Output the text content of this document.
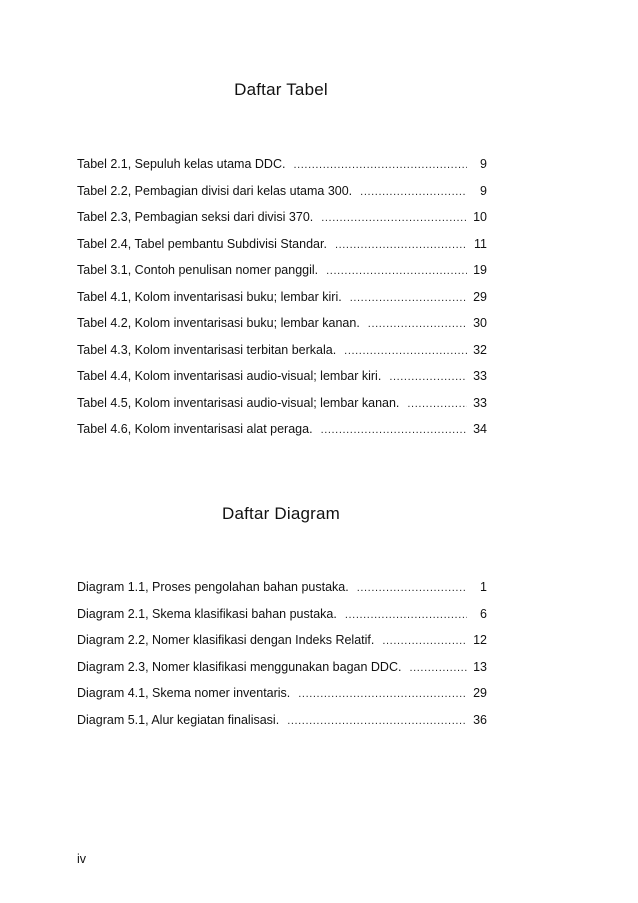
Daftar Tabel
Tabel 2.1, Sepuluh kelas utama DDC. .....	9
Tabel 2.2, Pembagian divisi dari kelas utama 300. .....	9
Tabel 2.3, Pembagian seksi dari divisi 370. .....	10
Tabel 2.4, Tabel pembantu Subdivisi Standar. .....	11
Tabel 3.1, Contoh penulisan nomer panggil. .....	19
Tabel 4.1, Kolom inventarisasi buku; lembar kiri. .....	29
Tabel 4.2, Kolom inventarisasi buku; lembar kanan. .....	30
Tabel 4.3, Kolom inventarisasi terbitan berkala. .....	32
Tabel 4.4, Kolom inventarisasi audio-visual; lembar kiri. .....	33
Tabel 4.5, Kolom inventarisasi audio-visual; lembar kanan. .....	33
Tabel 4.6, Kolom inventarisasi alat peraga. .....	34
Daftar Diagram
Diagram 1.1, Proses pengolahan bahan pustaka. .....	1
Diagram 2.1, Skema klasifikasi bahan pustaka. .....	6
Diagram 2.2, Nomer klasifikasi dengan Indeks Relatif. .....	12
Diagram 2.3, Nomer klasifikasi menggunakan bagan DDC. .....	13
Diagram 4.1, Skema nomer inventaris. .....	29
Diagram 5.1, Alur kegiatan finalisasi. .....	36
iv
